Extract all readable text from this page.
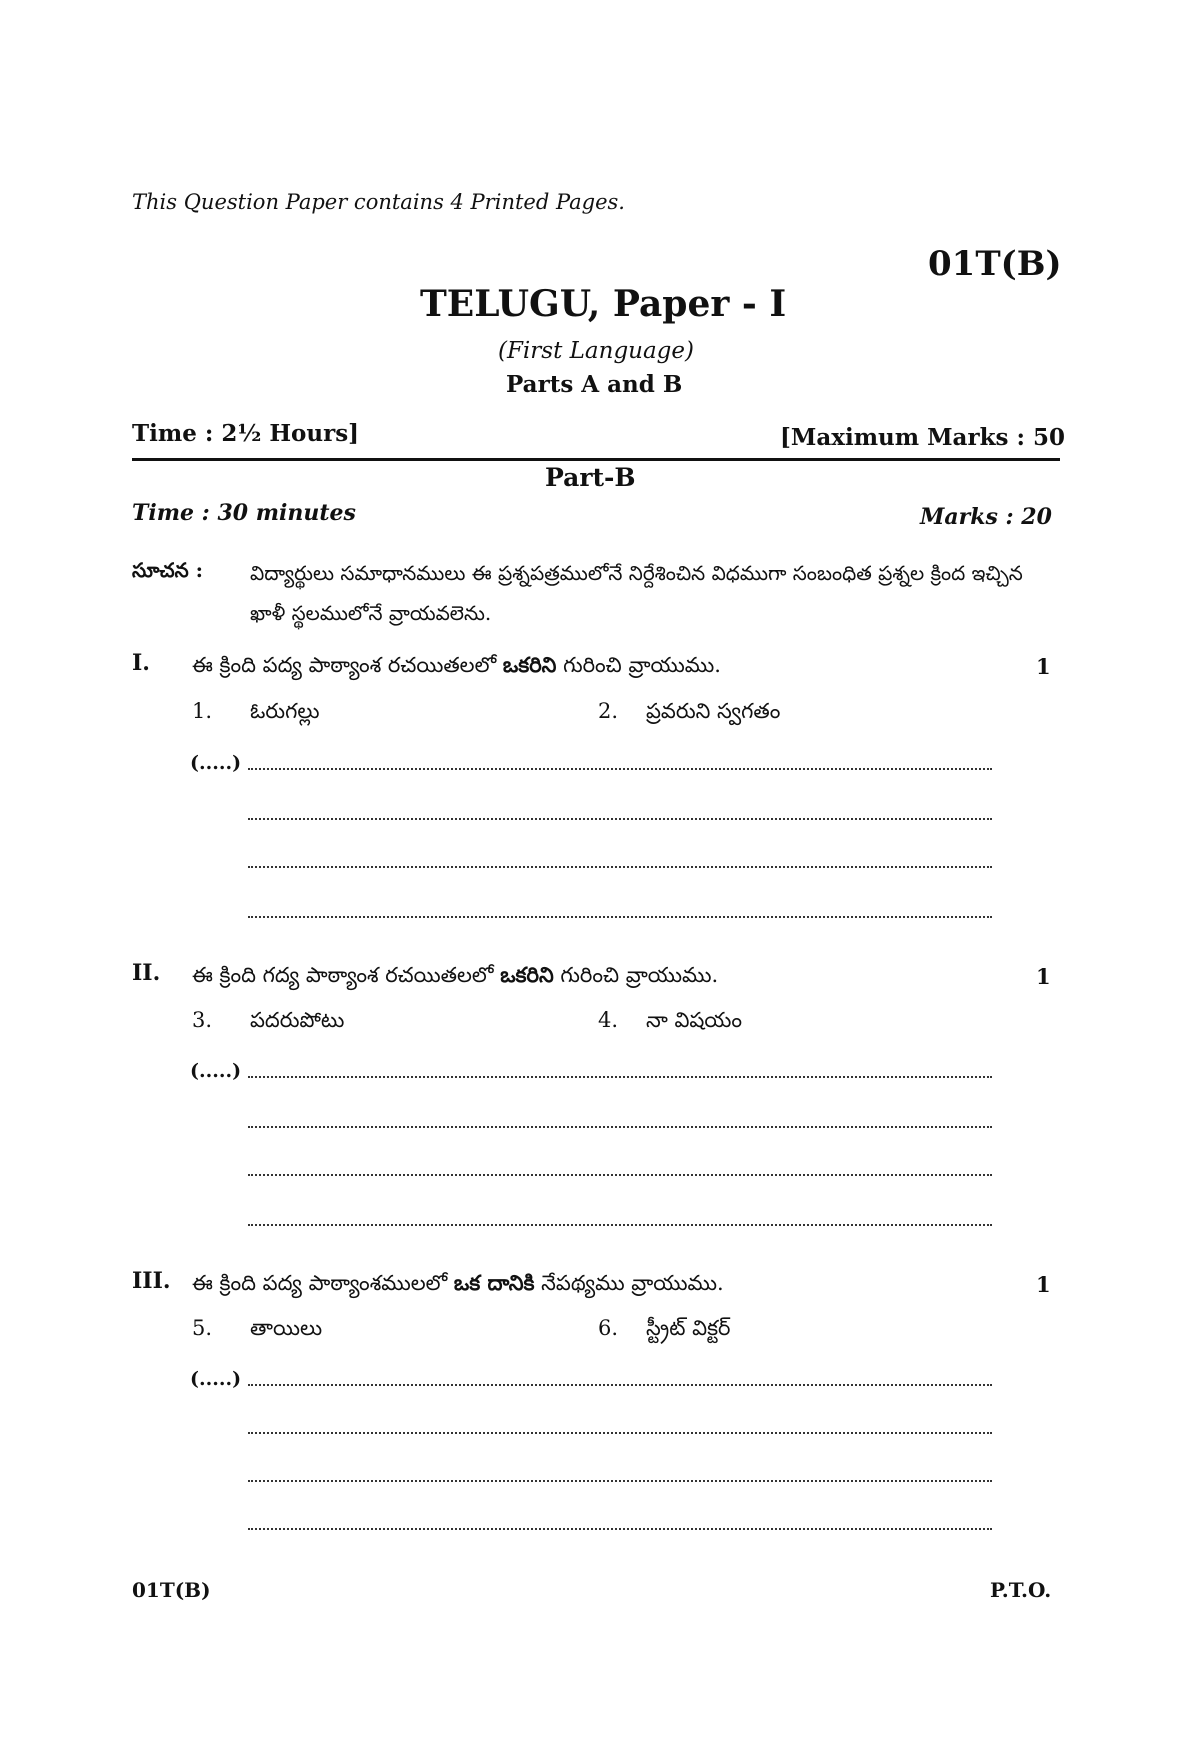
This Question Paper contains 4 Printed Pages.
01T(B)
TELUGU, Paper - I
(First Language)
Parts A and B
Time : 2½ Hours]	[Maximum Marks : 50
Part-B
Time : 30 minutes	Marks : 20
సూచన : విద్యార్థులు సమాధానములు ఈ ప్రశ్నపత్రములోనే నిర్దేశించిన విధముగా సంబంధిత ప్రశ్నల క్రింద ఇచ్చిన ఖాళీ స్థలములోనే వ్రాయవలెను.
I. ఈ క్రింది పద్య పాఠ్యాంశ రచయితలలో ఒకరిని గురించి వ్రాయుము.	1
1. ఓరుగల్లు	2. ప్రవరుని స్వగతం
(.....)
II. ఈ క్రింది గద్య పాఠ్యాంశ రచయితలలో ఒకరిని గురించి వ్రాయుము.	1
3. పదరుపోటు	4. నా విషయం
(.....)
III. ఈ క్రింది పద్య పాఠ్యాంశములలో ఒక దానికి నేపథ్యము వ్రాయుము.	1
5. తాయిలు	6. స్ట్రీట్ విక్టర్
(.....)
01T(B)	P.T.O.
